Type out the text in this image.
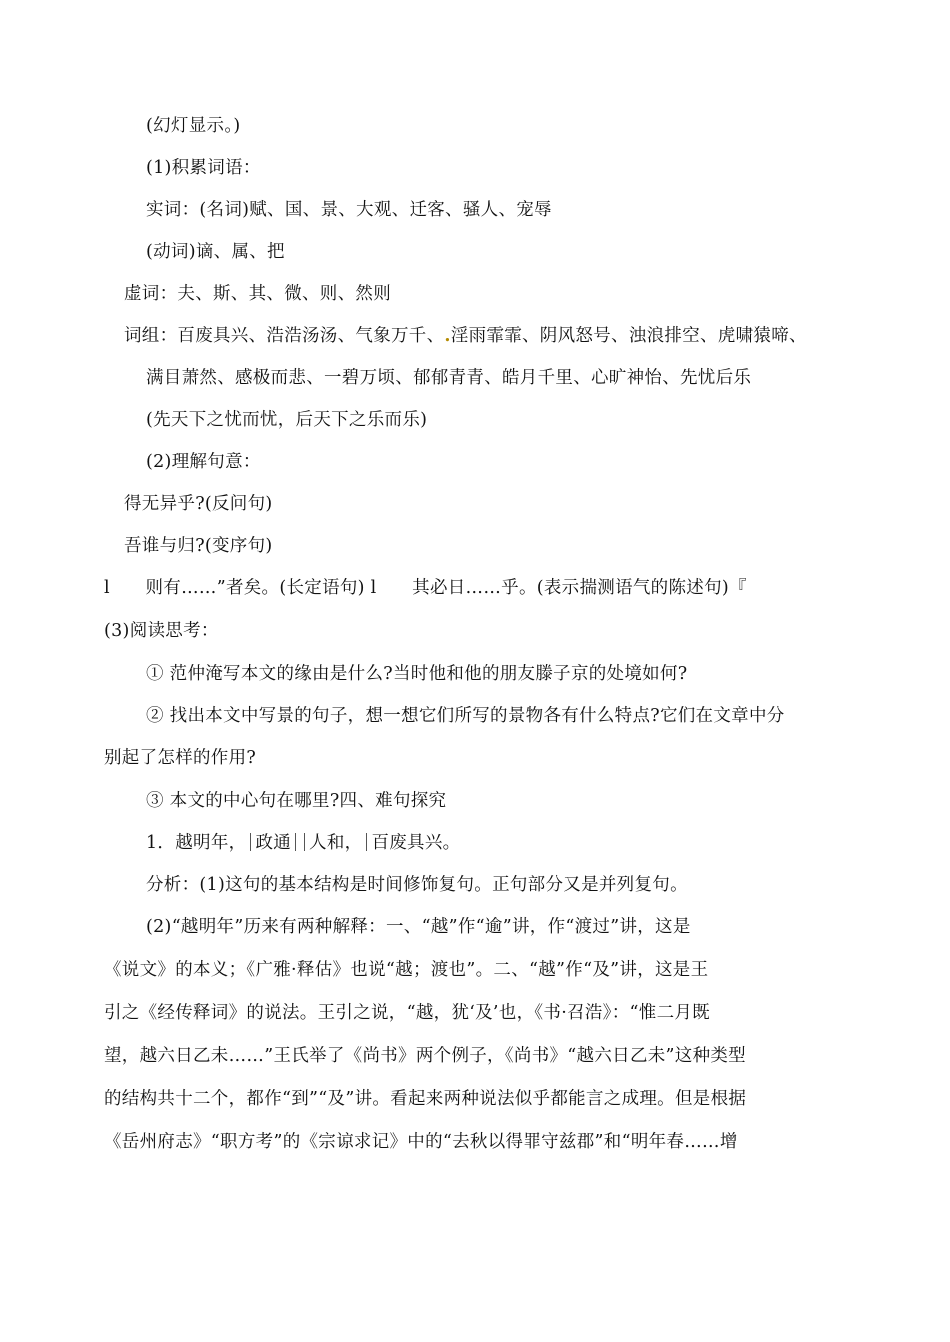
(幻灯显示。)
(1)积累词语：
实词：(名词)赋、国、景、大观、迁客、骚人、宠辱
(动词)谪、属、把
虚词：夫、斯、其、微、则、然则
词组：百废具兴、浩浩汤汤、气象万千、.淫雨霏霏、阴风怒号、浊浪排空、虎啸猿啼、
满目萧然、感极而悲、一碧万顷、郁郁青青、皓月千里、心旷神怡、先忧后乐
(先天下之忧而忧，后天下之乐而乐)
(2)理解句意：
得无异乎?(反问句)
吾谁与归?(变序句)
l　　则有……”者矣。(长定语句) l　　其必日……乎。(表示揣测语气的陈述句)『
(3)阅读思考：
① 范仲淹写本文的缘由是什么?当时他和他的朋友滕子京的处境如何?
② 找出本文中写景的句子，想一想它们所写的景物各有什么特点?它们在文章中分
别起了怎样的作用?
③ 本文的中心句在哪里?四、难句探究
1．越明年， 政通 人和， 百废具兴。
分析：(1)这句的基本结构是时间修饰复句。正句部分又是并列复句。
(2)“越明年”历来有两种解释：一、“越”作“逾”讲，作“渡过”讲，这是
《说文》的本义；《广雅·释估》也说“越；渡也”。二、“越”作“及”讲，这是王
引之《经传释词》的说法。王引之说，“越，犹‘及’也，《书·召浩》：“惟二月既
望，越六日乙未……”王氏举了《尚书》两个例子，《尚书》“越六日乙未”这种类型
的结构共十二个，都作“到”“及”讲。看起来两种说法似乎都能言之成理。但是根据
《岳州府志》“职方考”的《宗谅求记》中的“去秋以得罪守兹郡”和“明年春……增
